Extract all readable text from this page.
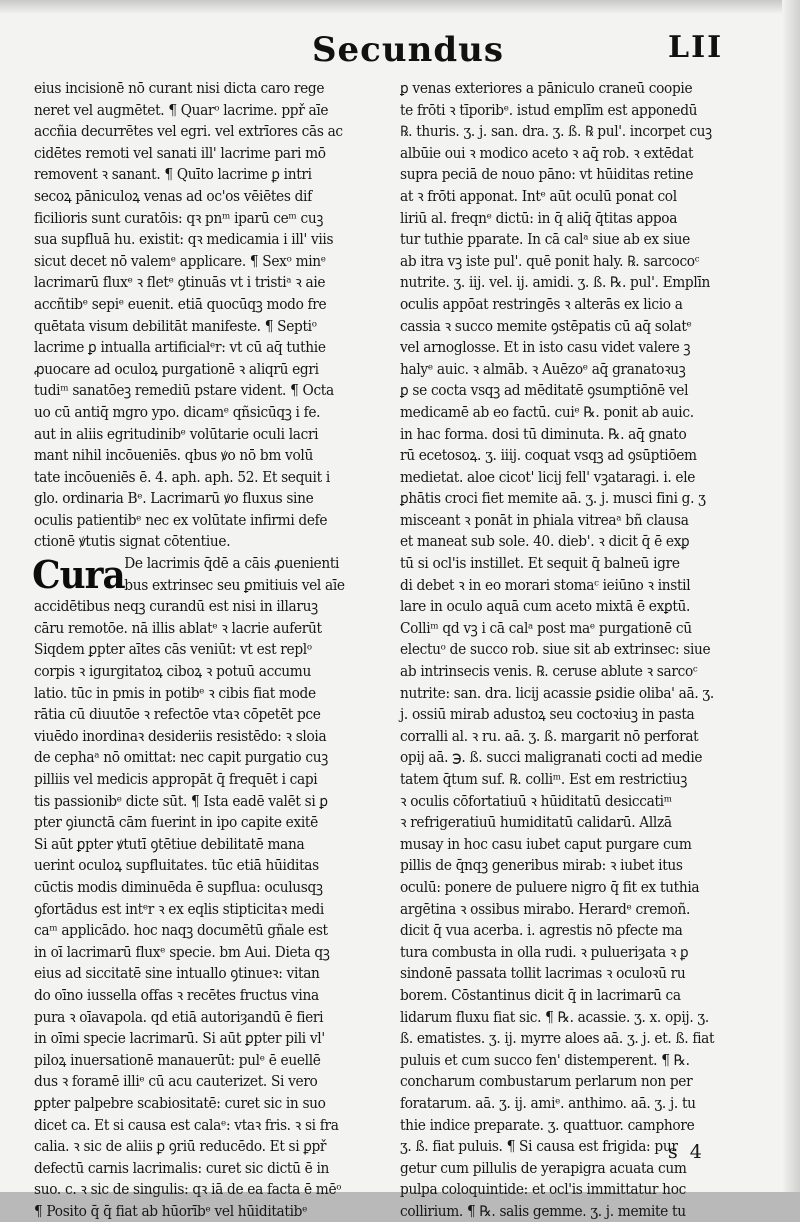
Secundus	LII
eius incisionē nō curant nisi dicta caro rege
neret vel augmētet. ¶ Quarᵒ lacrime. ppř aīe
accñia decurrētes vel egri. vel extrīores cās ac
cidētes remoti vel sanati ill' lacrime pari mō
removent ꝛ sanant. ¶ Quīto lacrime ꝑ intri
secoꝝ pāniculoꝝ venas ad oc'os vēiētes dif
ficilioris sunt curatōis: qꝛ pnᵐ iparū ceᵐ cuꝫ
sua supfluā hu. existit: qꝛ medicamia i ill' viis
sicut decet nō valemᵉ applicare. ¶ Sexᵒ minᵉ
lacrimarū fluxᵉ ꝛ fletᵉ ꝯtinuās vt i tristiᵃ ꝛ aie
accñtibᵉ sepiᵉ euenit. etiā quocūqꝫ modo fre
quētata visum debilitāt manifeste. ¶ Septiᵒ
lacrime ꝑ intualla artificialᵉr: vt cū aq̄ tuthie
ꝓuocare ad oculoꝝ purgationē ꝛ aliqrū egri
tudiᵐ sanatōeꝫ remediū pstare vident. ¶ Octa
uo cū antiq̄ mgro ypo. dicamᵉ qñsicūqꝫ i fe.
aut in aliis egritudinibᵉ volūtarie oculi lacri
mant nihil incōueniēs. qbus ꝟo nō bm volū
tate incōueniēs ē. 4. aph. aph. 52. Et sequit i
glo. ordinaria Bᵉ. Lacrimarū ꝟo fluxus sine
oculis patientibᵉ nec ex volūtate infirmi defe
ctionē ꝟtutis signat cōtentiue.
Cura De lacrimis q̄dē a cāis ꝓuenienti
bus extrinsec seu ꝑmitiuis vel aīe
accidētibus neqꝫ curandū est nisi in illaruꝫ
cāru remotōe. nā illis ablatᵉ ꝛ lacrie auferūt
Siqdem ꝑpter aītes cās veniūt: vt est replᵒ
corpis ꝛ igurgitatoꝝ ciboꝝ ꝛ potuū accumu
latio. tūc in pmis in potibᵉ ꝛ cibis fiat mode
rātia cū diuutōe ꝛ refectōe vtaꝛ cōpetēt pce
viuēdo inordinaꝛ desideriis resistēdo: ꝛ sloia
de cephaᵃ nō omittat: nec capit purgatio cuꝫ
pilliis vel medicis appropāt q̄ frequēt i capi
tis passionibᵉ dicte sūt. ¶ Ista eadē valēt si ꝑ
pter ꝯiunctā cām fuerint in ipo capite exitē
Si aūt ꝑpter ꝟtutī ꝯtētiue debilitatē mana
uerint oculoꝝ supfluitates. tūc etiā hūiditas
cūctis modis diminuēda ē supflua: oculusqꝫ
ꝯfortādus est intᵉr ꝛ ex eqlis stipticitaꝛ medi
caᵐ applicādo. hoc naqꝫ documētū gñale est
in oī lacrimarū fluxᵉ specie. bm Aui. Dieta qꝫ
eius ad siccitatē sine intuallo ꝯtinueꝛ: vitan
do oīno iussella offas ꝛ recētes fructus vina
pura ꝛ oīavapola. qd etiā autoriȝandū ē fieri
in oīmi specie lacrimarū. Si aūt ꝑpter pili vl'
piloꝝ inuersationē manauerūt: pulᵉ ē euellē
dus ꝛ foramē illiᵉ cū acu cauterizet. Si vero
ꝑpter palpebre scabiositatē: curet sic in suo
dicet ca. Et si causa est calaᵉ: vtaꝛ fris. ꝛ si fra
calia. ꝛ sic de aliis ꝑ ꝯriū reducēdo. Et si ꝑpř
defectū carnis lacrimalis: curet sic dictū ē in
suo. c. ꝛ sic de singulis: qꝛ iā de ea facta ē mēᵒ
¶ Posito q̄ q̄ fiat ab hūorībᵉ vel hūiditatibᵉ
ꝑ venas exteriores a pāniculo craneū coopie
te frōti ꝛ tīporibᵉ. istud emplīm est apponedū
℞. thuris. ʒ. j. san. dra. ʒ. ß. ℞ pul'. incorpet cuꝫ
albūie oui ꝛ modico aceto ꝛ aq̄ rob. ꝛ extēdat
supra peciā de nouo pāno: vt hūiditas retine
at ꝛ frōti apponat. Intᵉ aūt oculū ponat col
liriū al. freqnᵉ dictū: in q̄ aliq̄ q̄titas appoa
tur tuthie pparate. In cā calᵃ siue ab ex siue
ab itra vꝫ iste pul'. quē ponit haly. ℞. sarcocoᶜ
nutrite. ʒ. iij. vel. ij. amidi. ʒ. ß. ℞. pul'. Emplīn
oculis appōat restringēs ꝛ alterās ex licio a
cassia ꝛ succo memite ꝯstēpatis cū aq̄ solatᵉ
vel arnoglosse. Et in isto casu videt valere ꝫ
halyᵉ auic. ꝛ almāb. ꝛ Auēzoᵉ aq̄ granatoꝛuꝫ
ꝑ se cocta vsqꝫ ad mēditatē ꝯsumptiōnē vel
medicamē ab eo factū. cuiᵉ ℞. ponit ab auic.
in hac forma. dosi tū diminuta. ℞. aq̄ gnato
rū ecetosoꝝ. ʒ. iiij. coquat vsqꝫ ad ꝯsūptiōem
medietat. aloe cicot' licij fell' vꝫataragi. i. ele
ꝑhātis croci fiet memite aā. ʒ. j. musci fini g. ʒ
misceant ꝛ ponāt in phiala vitreaᵃ bñ clausa
et maneat sub sole. 40. dieb'. ꝛ dicit q̄ ē exꝑ
tū si ocl'is instillet. Et sequit q̄ balneū igre
di debet ꝛ in eo morari stomaᶜ ieiūno ꝛ instil
lare in oculo aquā cum aceto mixtā ē exꝑtū.
Colliᵐ qd vꝫ i cā calᵃ post maᵉ purgationē cū
electuᵒ de succo rob. siue sit ab extrinsec: siue
ab intrinsecis venis. ℞. ceruse ablute ꝛ sarcoᶜ
nutrite: san. dra. licij acassie ꝑsidie oliba' aā. ʒ.
j. ossiū mirab adustoꝝ seu coctoꝛiuꝫ in pasta
corralli al. ꝛ ru. aā. ʒ. ß. margarit nō perforat
opij aā. ℈. ß. succi maligranati cocti ad medie
tatem q̄tum suf. ℞. colliᵐ. Est em restrictiuꝫ
ꝛ oculis cōfortatiuū ꝛ hūiditatū desiccatiᵐ
ꝛ refrigeratiuū humiditatū calidarū. Allzā
musay in hoc casu iubet caput purgare cum
pillis de q̄nqꝫ generibus mirab: ꝛ iubet itus
oculū: ponere de puluere nigro q̄ fit ex tuthia
argētina ꝛ ossibus mirabo. Herardᵉ cremoñ.
dicit q̄ vua acerba. i. agrestis nō pfecte ma
tura combusta in olla rudi. ꝛ pulueriȝata ꝛ ꝑ
sindonē passata tollit lacrimas ꝛ oculoꝛū ru
borem. Cōstantinus dicit q̄ in lacrimarū ca
lidarum fluxu fiat sic. ¶ ℞. acassie. ʒ. x. opij. ʒ.
ß. ematistes. ʒ. ij. myrre aloes aā. ʒ. j. et. ß. fiat
puluis et cum succo fen' distemperent. ¶ ℞.
concharum combustarum perlarum non per
foratarum. aā. ʒ. ij. amiᵉ. anthimo. aā. ʒ. j. tu
thie indice preparate. ʒ. quattuor. camphore
ʒ. ß. fiat puluis. ¶ Si causa est frigida: pur
getur cum pillulis de yerapigra acuata cum
pulpa coloquintide: et ocl'is immittatur hoc
collirium. ¶ ℞. salis gemme. ʒ. j. memite tu
s 4
